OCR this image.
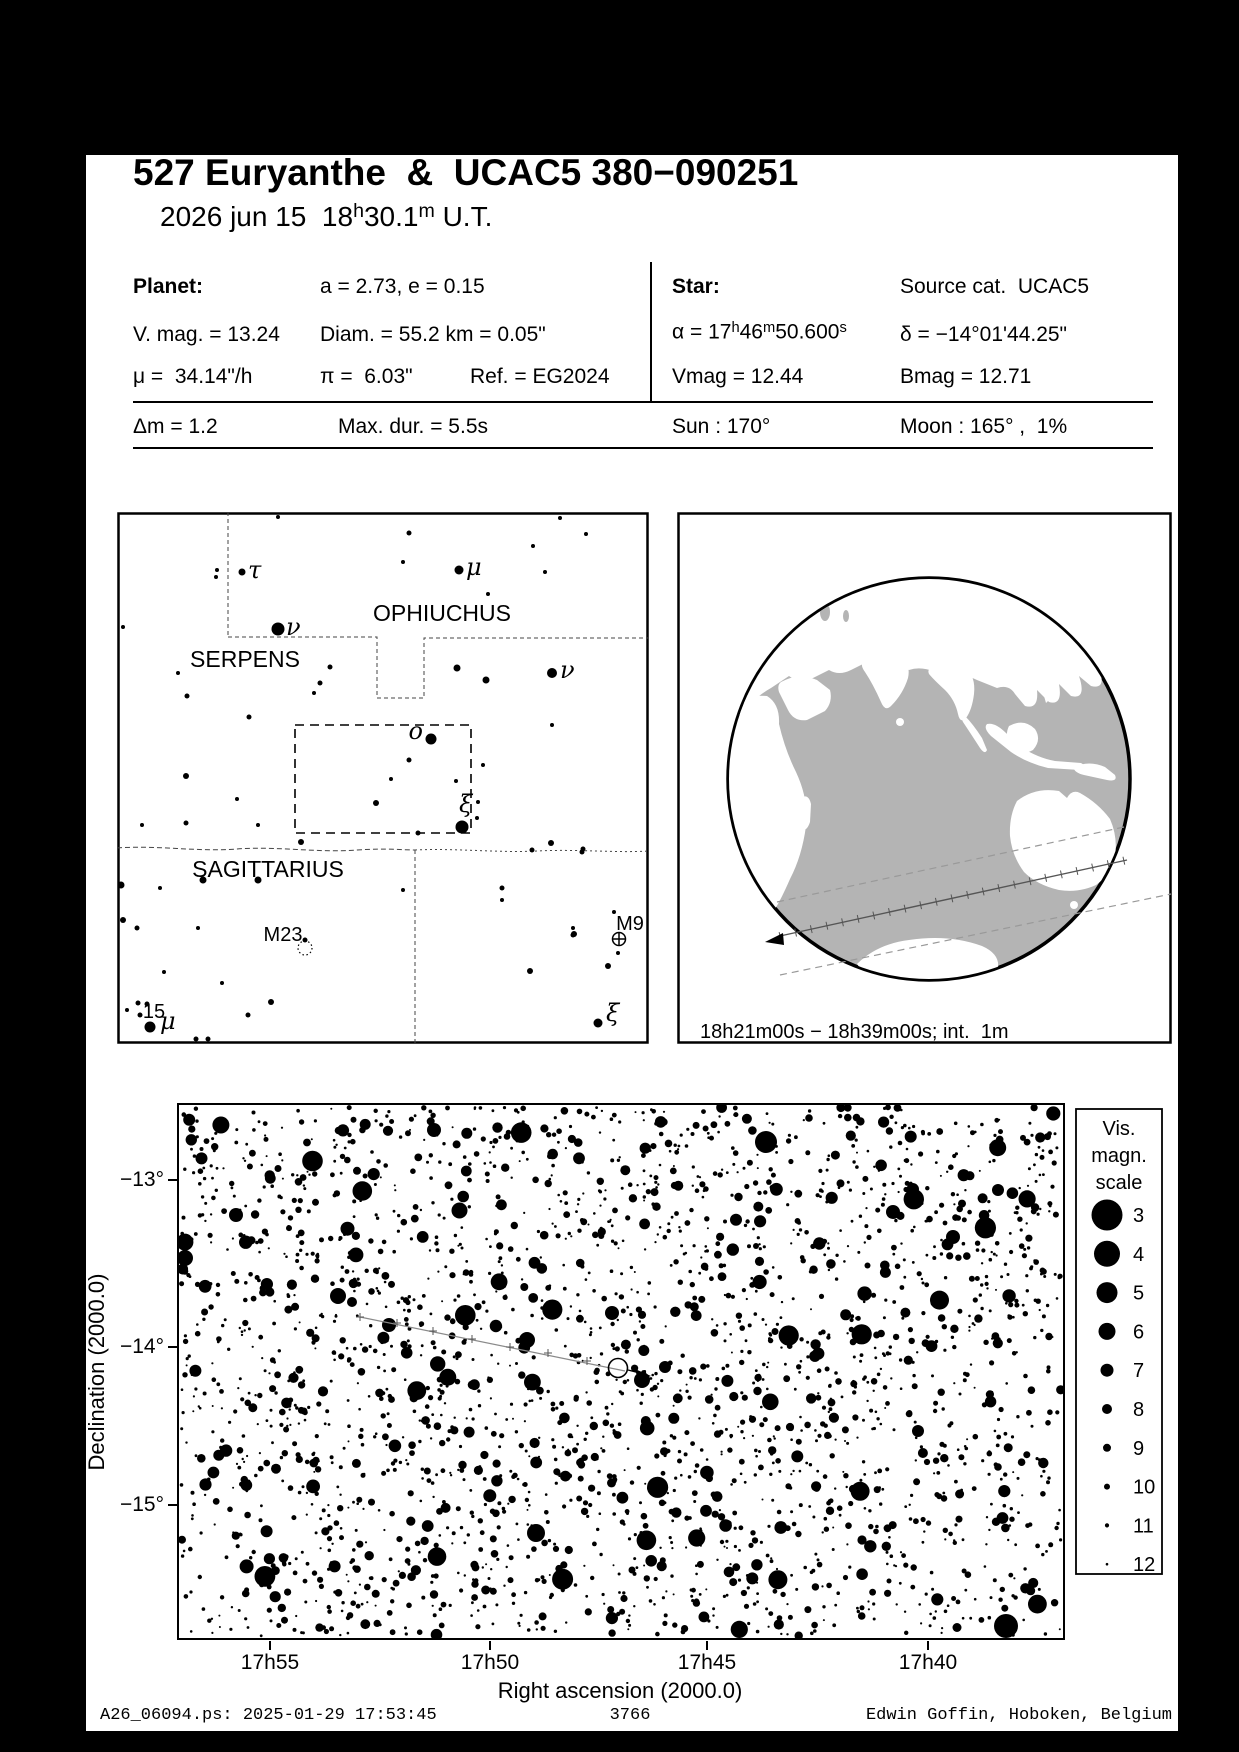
527 Euryanthe  &  UCAC5 380−090251
2026 jun 15  18$^h$30.1$^m$ U.T.
Planet:	a = 2.73, e = 0.15	Star:	Source cat.  UCAC5
V. mag. = 13.24 Diam. = 55.2 km = 0.05"	$\alpha = 17^h46^m50.600^s$	δ = −14°01'44.25"
μ =  34.14"/h	π =  6.03"	Ref. = EG2024	Vmag = 12.44	Bmag = 12.71
Δm = 1.2	Max. dur. = 5.5s	Sun : 170°	Moon : 165° ,  1%
OPHIUCHUS
SERPENS
SAGITTARIUS
M23	M9
15
τ	μ
ν
o
ν
ξ
ξ
μ	18h21m00s − 18h39m00s; int.  1m
−13°
−14°
−15°
17h55	17h50	17h45	17h40
Right ascension (2000.0)
Declination (2000.0)
Vis.
magn.
scale
3
4
5
6
7
8
9
10
11
12
A26_06094.ps: 2025-01-29 17:53:45	3766	Edwin Goffin, Hoboken, Belgium
